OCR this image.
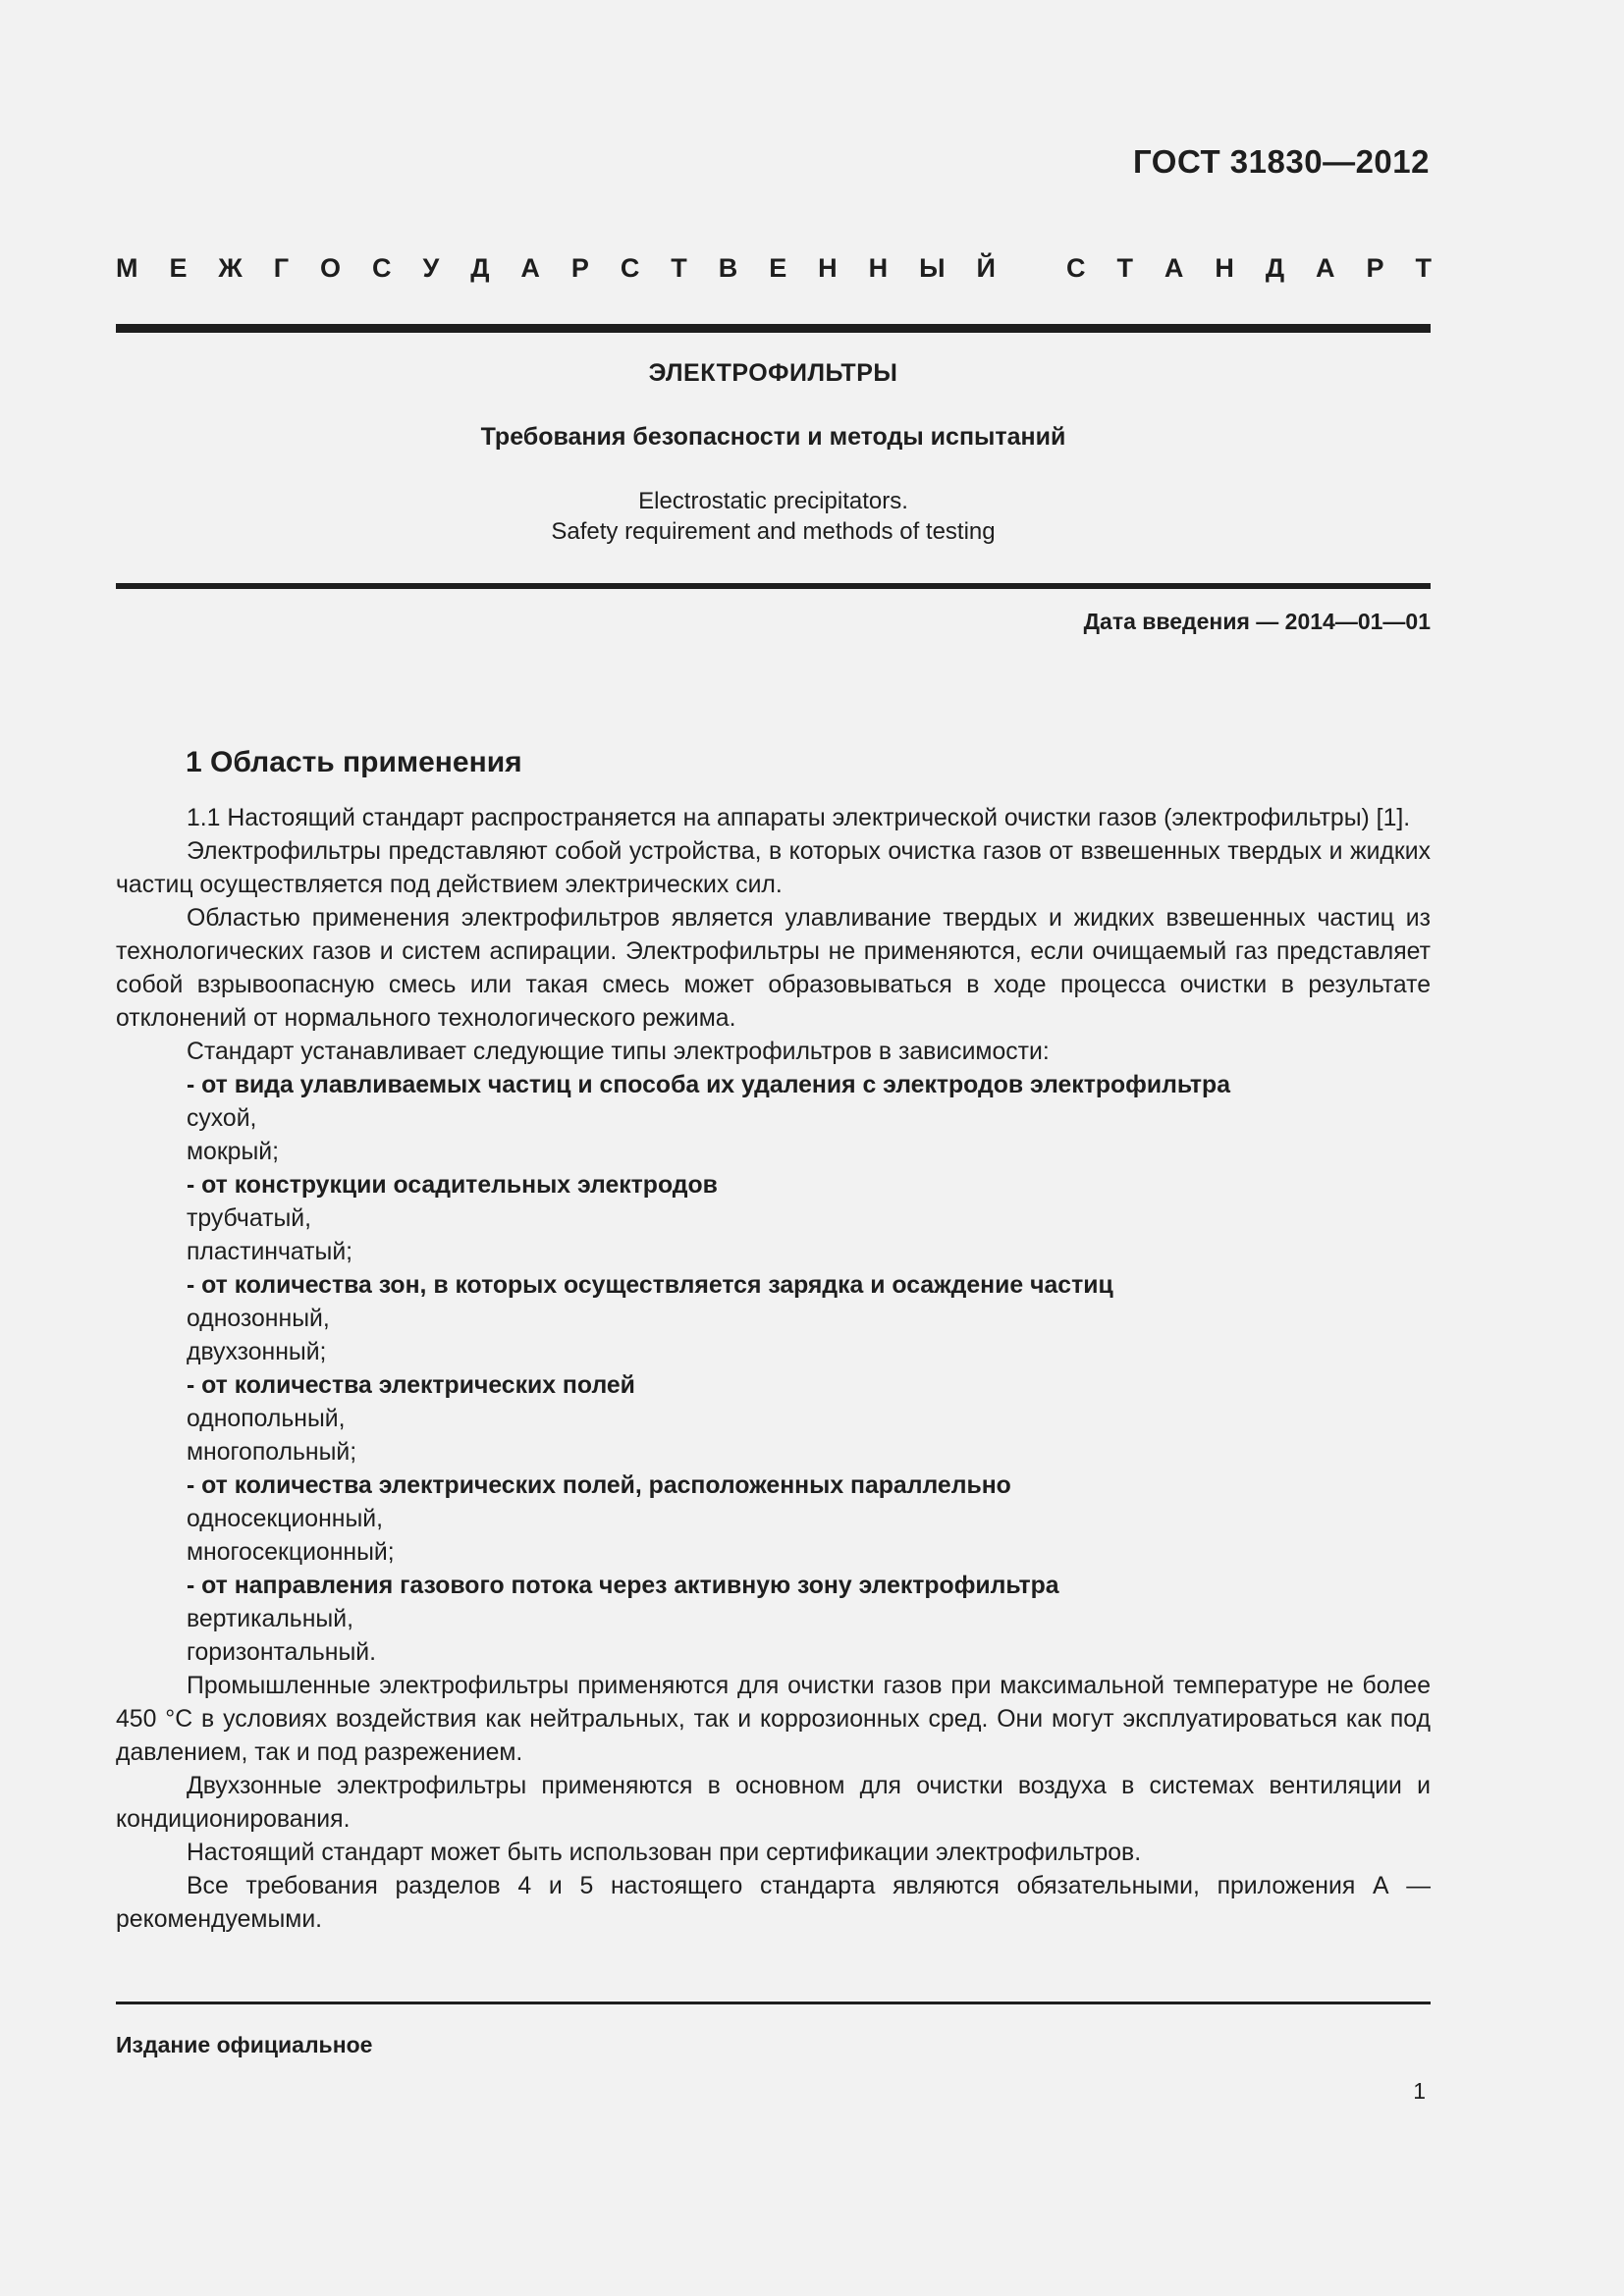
ГОСТ 31830—2012
М Е Ж Г О С У Д А Р С Т В Е Н Н Ы Й	С Т А Н Д А Р Т
ЭЛЕКТРОФИЛЬТРЫ
Требования безопасности и методы испытаний
Electrostatic precipitators.
Safety requirement and methods of testing
Дата введения — 2014—01—01
1 Область применения
1.1 Настоящий стандарт распространяется на аппараты электрической очистки газов (электрофильтры) [1].
Электрофильтры представляют собой устройства, в которых очистка газов от взвешенных твердых и жидких частиц осуществляется под действием электрических сил.
Областью применения электрофильтров является улавливание твердых и жидких взвешенных частиц из технологических газов и систем аспирации. Электрофильтры не применяются, если очищаемый газ представляет собой взрывоопасную смесь или такая смесь может образовываться в ходе процесса очистки в результате отклонений от нормального технологического режима.
Стандарт устанавливает следующие типы электрофильтров в зависимости:
- от вида улавливаемых частиц и способа их удаления с электродов электрофильтра
сухой,
мокрый;
- от конструкции осадительных электродов
трубчатый,
пластинчатый;
- от количества зон, в которых осуществляется зарядка и осаждение частиц
однозонный,
двухзонный;
- от количества электрических полей
однопольный,
многопольный;
- от количества электрических полей, расположенных параллельно
односекционный,
многосекционный;
- от направления газового потока через активную зону электрофильтра
вертикальный,
горизонтальный.
Промышленные электрофильтры применяются для очистки газов при максимальной температуре не более 450 °С в условиях воздействия как нейтральных, так и коррозионных сред. Они могут эксплуатироваться как под давлением, так и под разрежением.
Двухзонные электрофильтры применяются в основном для очистки воздуха в системах вентиляции и кондиционирования.
Настоящий стандарт может быть использован при сертификации электрофильтров.
Все требования разделов 4 и 5 настоящего стандарта являются обязательными, приложения А — рекомендуемыми.
Издание официальное
1
